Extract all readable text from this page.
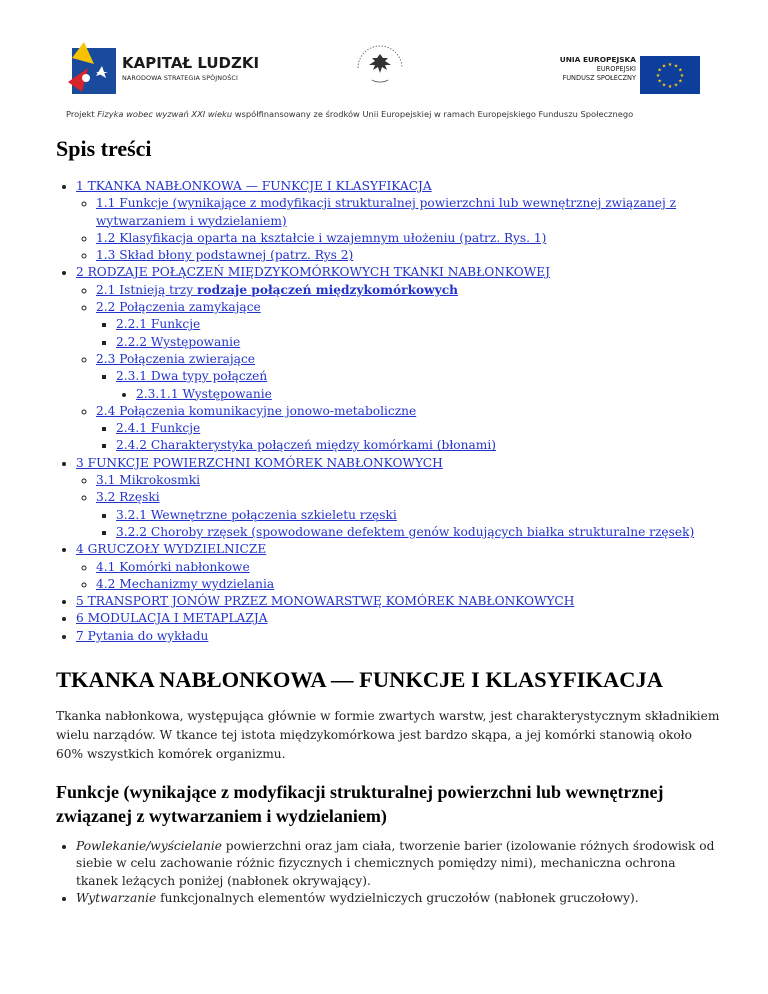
KAPITAŁ LUDZKI
NARODOWA STRATEGIA SPÓJNOŚCI
UNIA EUROPEJSKA
EUROPEJSKI
FUNDUSZ SPOŁECZNY
★ ★
★
★
★
★
★
★
★
★
★
★
Projekt Fizyka wobec wyzwań XXI wieku współfinansowany ze środków Unii Europejskiej w ramach Europejskiego Funduszu Społecznego
Spis treści
• 1 TKANKA NABŁONKOWA — FUNKCJE I KLASYFIKACJA
◦ 1.1 Funkcje (wynikające z modyfikacji strukturalnej powierzchni lub wewnętrznej związanej z wytwarzaniem i wydzielaniem)
◦ 1.2 Klasyfikacja oparta na kształcie i wzajemnym ułożeniu (patrz. Rys. 1)
◦ 1.3 Skład błony podstawnej (patrz. Rys 2)
• 2 RODZAJE POŁĄCZEŃ MIĘDZYKOMÓRKOWYCH TKANKI NABŁONKOWEJ
◦ 2.1 Istnieją trzy rodzaje połączeń międzykomórkowych
◦ 2.2 Połączenia zamykające
▪ 2.2.1 Funkcje
▪ 2.2.2 Występowanie
◦ 2.3 Połączenia zwierające
▪ 2.3.1 Dwa typy połączeń
• 2.3.1.1 Występowanie
◦ 2.4 Połączenia komunikacyjne jonowo-metaboliczne
▪ 2.4.1 Funkcje
▪ 2.4.2 Charakterystyka połączeń między komórkami (błonami)
• 3 FUNKCJE POWIERZCHNI KOMÓREK NABŁONKOWYCH
◦ 3.1 Mikrokosmki
◦ 3.2 Rzęski
▪ 3.2.1 Wewnętrzne połączenia szkieletu rzęski
▪ 3.2.2 Choroby rzęsek (spowodowane defektem genów kodujących białka strukturalne rzęsek)
• 4 GRUCZOŁY WYDZIELNICZE
◦ 4.1 Komórki nabłonkowe
◦ 4.2 Mechanizmy wydzielania
• 5 TRANSPORT JONÓW PRZEZ MONOWARSTWĘ KOMÓREK NABŁONKOWYCH
• 6 MODULACJA I METAPLAZJA
• 7 Pytania do wykładu
TKANKA NABŁONKOWA — FUNKCJE I KLASYFIKACJA

Tkanka nabłonkowa, występująca głównie w formie zwartych warstw, jest charakterystycznym składnikiem wielu narządów. W tkance tej istota międzykomórkowa jest bardzo skąpa, a jej komórki stanowią około 60% wszystkich komórek organizmu.

Funkcje (wynikające z modyfikacji strukturalnej powierzchni lub wewnętrznej związanej z wytwarzaniem i wydzielaniem)
• Powlekanie/wyścielanie powierzchni oraz jam ciała, tworzenie barier (izolowanie różnych środowisk od siebie w celu zachowanie różnic fizycznych i chemicznych pomiędzy nimi), mechaniczna ochrona tkanek leżących poniżej (nabłonek okrywający).
• Wytwarzanie funkcjonalnych elementów wydzielniczych gruczołów (nabłonek gruczołowy).
